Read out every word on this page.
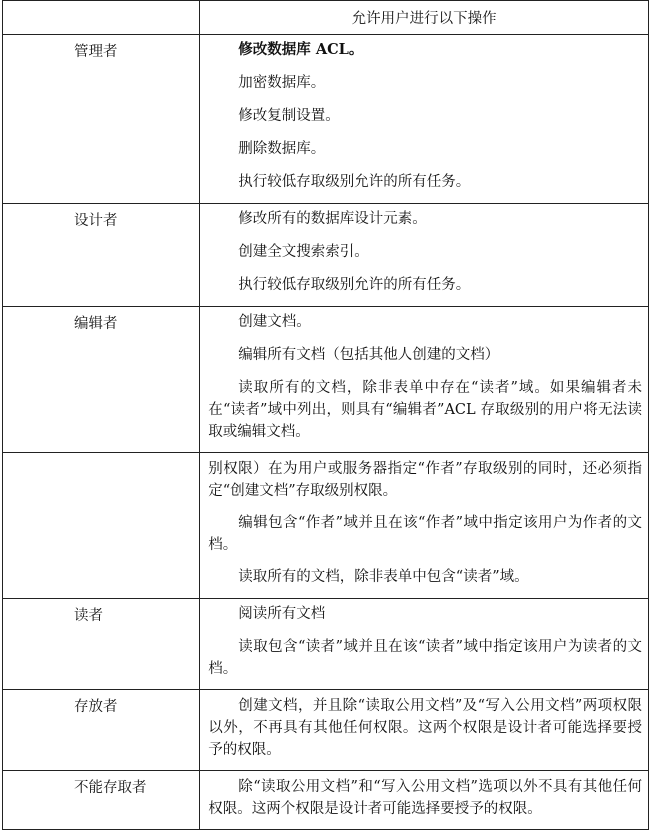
	允许用户进行以下操作
管理者	修改数据库 ACL。

加密数据库。

修改复制设置。

删除数据库。

执行较低存取级别允许的所有任务。

设计者	修改所有的数据库设计元素。

创建全文搜索索引。

执行较低存取级别允许的所有任务。

编辑者	创建文档。

编辑所有文档（包括其他人创建的文档）

读取所有的文档，除非表单中存在“读者”域。如果编辑者未在“读者”域中列出，则具有“编辑者”ACL 存取级别的用户将无法读取或编辑文档。

	别权限）在为用户或服务器指定“作者”存取级别的同时，还必须指定“创建文档”存取级别权限。

编辑包含“作者”域并且在该“作者”域中指定该用户为作者的文档。

读取所有的文档，除非表单中包含“读者”域。

读者	阅读所有文档

读取包含“读者”域并且在该“读者”域中指定该用户为读者的文档。

存放者	创建文档，并且除“读取公用文档”及“写入公用文档”两项权限以外，不再具有其他任何权限。这两个权限是设计者可能选择要授予的权限。

不能存取者	除“读取公用文档”和“写入公用文档”选项以外不具有其他任何权限。这两个权限是设计者可能选择要授予的权限。
